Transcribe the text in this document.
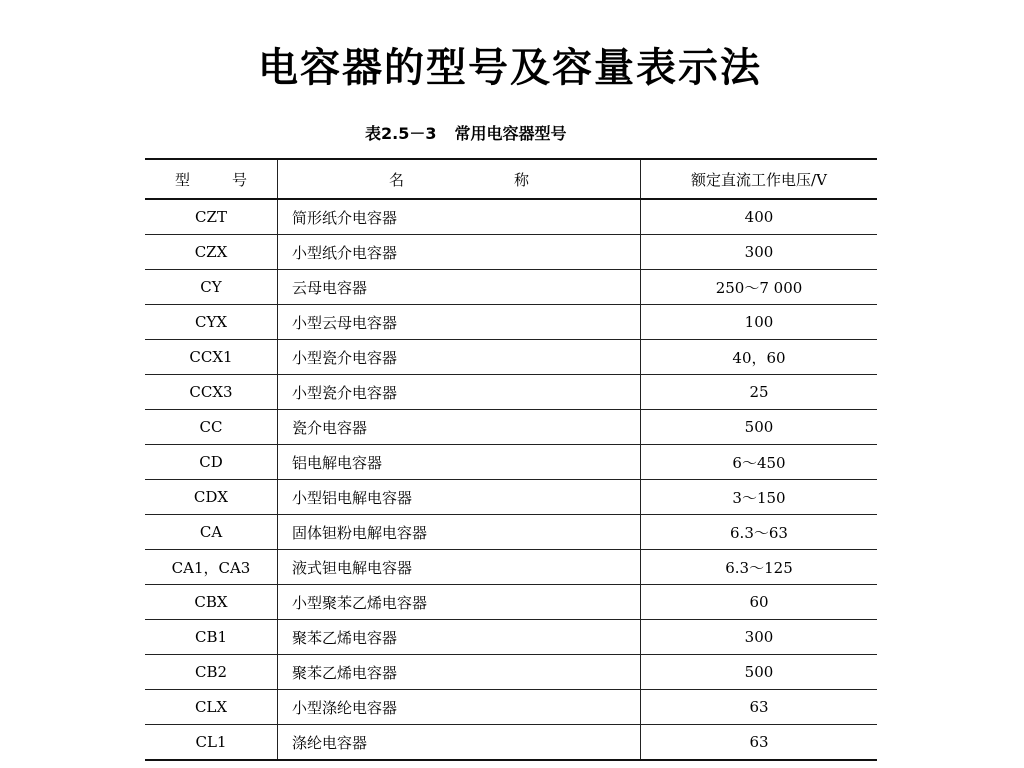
电容器的型号及容量表示法
表2.5－3 常用电容器型号
型 号	名 称	额定直流工作电压/V
CZT	简形纸介电容器	400
CZX	小型纸介电容器	300
CY	云母电容器	250～7 000
CYX	小型云母电容器	100
CCX1	小型瓷介电容器	40，60
CCX3	小型瓷介电容器	25
CC	瓷介电容器	500
CD	铝电解电容器	6～450
CDX	小型铝电解电容器	3～150
CA	固体钽粉电解电容器	6.3～63
CA1，CA3	液式钽电解电容器	6.3～125
CBX	小型聚苯乙烯电容器	60
CB1	聚苯乙烯电容器	300
CB2	聚苯乙烯电容器	500
CLX	小型涤纶电容器	63
CL1	涤纶电容器	63
